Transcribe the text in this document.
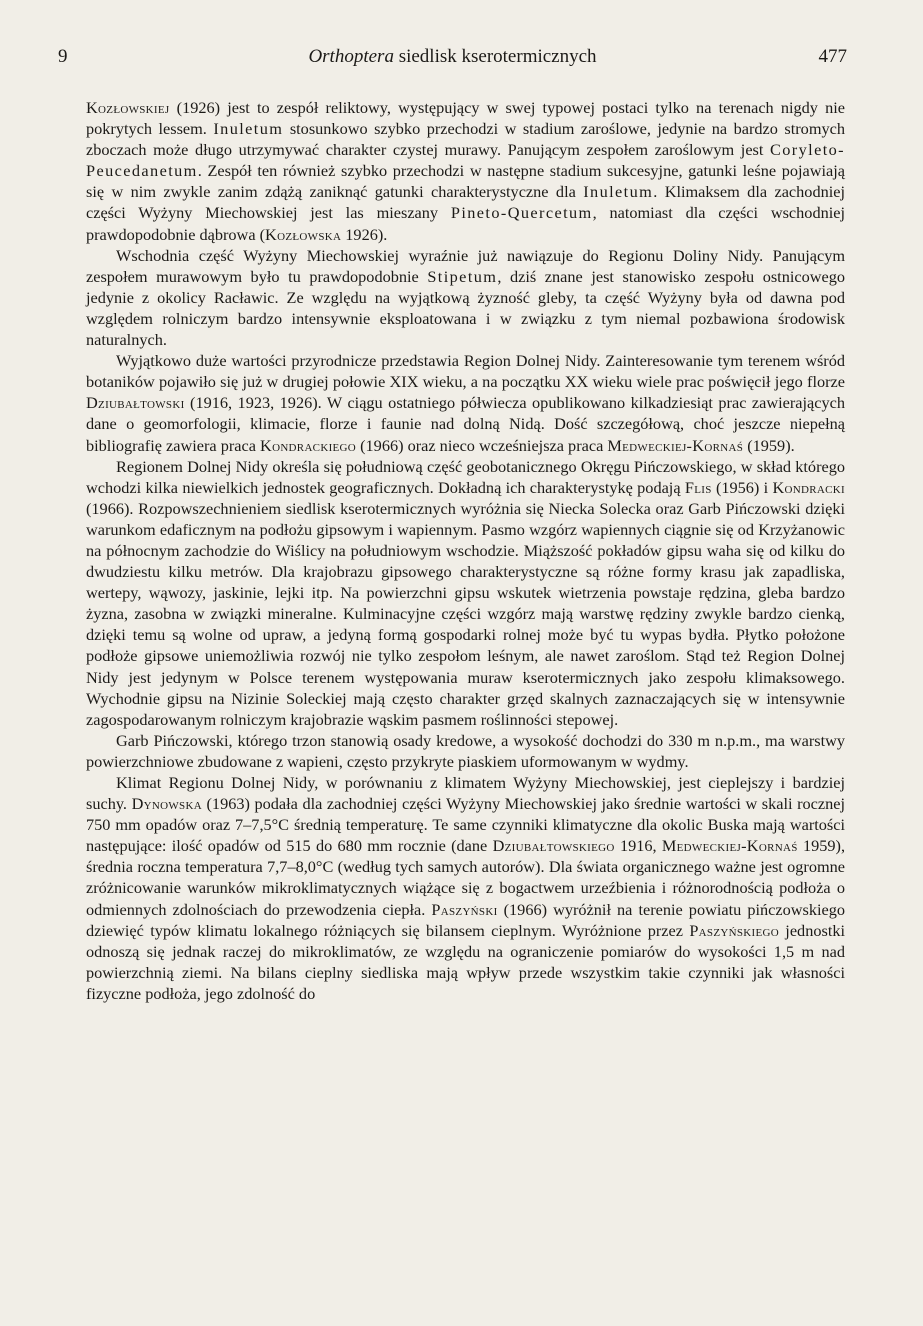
9	Orthoptera siedlisk kserotermicznych	477

Kozłowskiej (1926) jest to zespół reliktowy, występujący w swej typowej postaci tylko na terenach nigdy nie pokrytych lessem. Inuletum stosunkowo szybko przechodzi w stadium zaroślowe, jedynie na bardzo stromych zboczach może długo utrzymywać charakter czystej murawy. Panującym zespołem zaroślowym jest Coryleto-Peucedanetum. Zespół ten również szybko przechodzi w następne stadium sukcesyjne, gatunki leśne pojawiają się w nim zwykle zanim zdążą zaniknąć gatunki charakterystyczne dla Inuletum. Klimaksem dla zachodniej części Wyżyny Miechowskiej jest las mieszany Pineto-Quercetum, natomiast dla części wschodniej prawdopodobnie dąbrowa (Kozłowska 1926).

Wschodnia część Wyżyny Miechowskiej wyraźnie już nawiązuje do Regionu Doliny Nidy. Panującym zespołem murawowym było tu prawdopodobnie Stipetum, dziś znane jest stanowisko zespołu ostnicowego jedynie z okolicy Racławic. Ze względu na wyjątkową żyzność gleby, ta część Wyżyny była od dawna pod względem rolniczym bardzo intensywnie eksploatowana i w związku z tym niemal pozbawiona środowisk naturalnych.

Wyjątkowo duże wartości przyrodnicze przedstawia Region Dolnej Nidy. Zainteresowanie tym terenem wśród botaników pojawiło się już w drugiej połowie XIX wieku, a na początku XX wieku wiele prac poświęcił jego florze Dziubałtowski (1916, 1923, 1926). W ciągu ostatniego półwiecza opublikowano kilkadziesiąt prac zawierających dane o geomorfologii, klimacie, florze i faunie nad dolną Nidą. Dość szczegółową, choć jeszcze niepełną bibliografię zawiera praca Kondrackiego (1966) oraz nieco wcześniejsza praca Medweckiej-Kornaś (1959).

Regionem Dolnej Nidy określa się południową część geobotanicznego Okręgu Pińczowskiego, w skład którego wchodzi kilka niewielkich jednostek geograficznych. Dokładną ich charakterystykę podają Flis (1956) i Kondracki (1966). Rozpowszechnieniem siedlisk kserotermicznych wyróżnia się Niecka Solecka oraz Garb Pińczowski dzięki warunkom edaficznym na podłożu gipsowym i wapiennym. Pasmo wzgórz wapiennych ciągnie się od Krzyżanowic na północnym zachodzie do Wiślicy na południowym wschodzie. Miąższość pokładów gipsu waha się od kilku do dwudziestu kilku metrów. Dla krajobrazu gipsowego charakterystyczne są różne formy krasu jak zapadliska, wertepy, wąwozy, jaskinie, lejki itp. Na powierzchni gipsu wskutek wietrzenia powstaje rędzina, gleba bardzo żyzna, zasobna w związki mineralne. Kulminacyjne części wzgórz mają warstwę rędziny zwykle bardzo cienką, dzięki temu są wolne od upraw, a jedyną formą gospodarki rolnej może być tu wypas bydła. Płytko położone podłoże gipsowe uniemożliwia rozwój nie tylko zespołom leśnym, ale nawet zaroślom. Stąd też Region Dolnej Nidy jest jedynym w Polsce terenem występowania muraw kserotermicznych jako zespołu klimaksowego. Wychodnie gipsu na Nizinie Soleckiej mają często charakter grzęd skalnych zaznaczających się w intensywnie zagospodarowanym rolniczym krajobrazie wąskim pasmem roślinności stepowej.

Garb Pińczowski, którego trzon stanowią osady kredowe, a wysokość dochodzi do 330 m n.p.m., ma warstwy powierzchniowe zbudowane z wapieni, często przykryte piaskiem uformowanym w wydmy.

Klimat Regionu Dolnej Nidy, w porównaniu z klimatem Wyżyny Miechowskiej, jest cieplejszy i bardziej suchy. Dynowska (1963) podała dla zachodniej części Wyżyny Miechowskiej jako średnie wartości w skali rocznej 750 mm opadów oraz 7–7,5°C średnią temperaturę. Te same czynniki klimatyczne dla okolic Buska mają wartości następujące: ilość opadów od 515 do 680 mm rocznie (dane Dziubałtowskiego 1916, Medweckiej-Kornaś 1959), średnia roczna temperatura 7,7–8,0°C (według tych samych autorów). Dla świata organicznego ważne jest ogromne zróżnicowanie warunków mikroklimatycznych wiążące się z bogactwem urzeźbienia i różnorodnością podłoża o odmiennych zdolnościach do przewodzenia ciepła. Paszyński (1966) wyróżnił na terenie powiatu pińczowskiego dziewięć typów klimatu lokalnego różniących się bilansem cieplnym. Wyróżnione przez Paszyńskiego jednostki odnoszą się jednak raczej do mikroklimatów, ze względu na ograniczenie pomiarów do wysokości 1,5 m nad powierzchnią ziemi. Na bilans cieplny siedliska mają wpływ przede wszystkim takie czynniki jak własności fizyczne podłoża, jego zdolność do
